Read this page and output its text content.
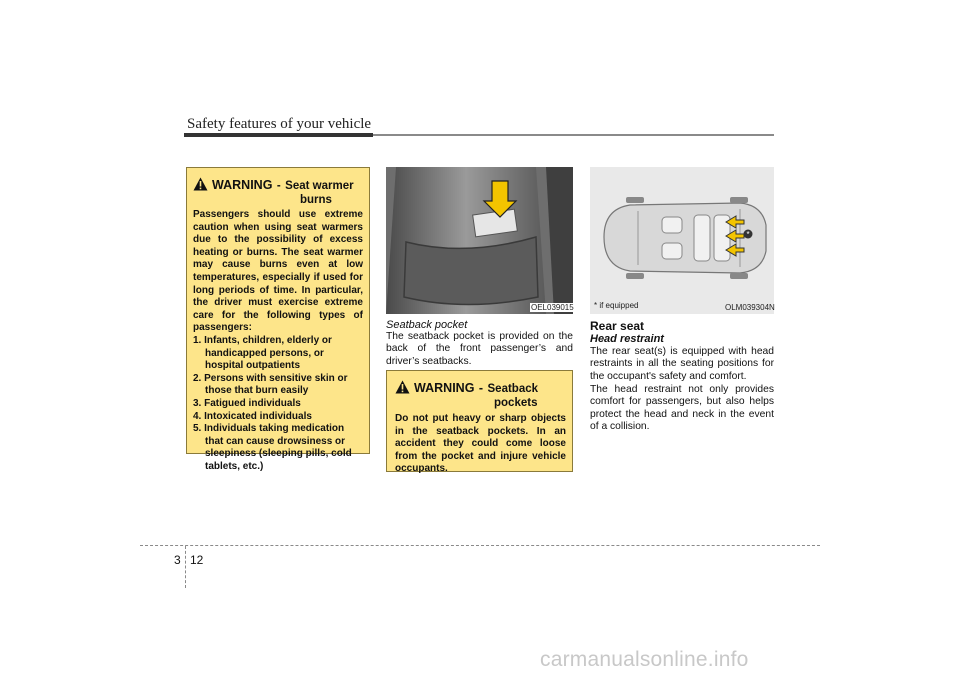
Safety features of your vehicle
WARNING - Seat warmer
burns
Passengers should use extreme caution when using seat warmers due to the possibility of excess heating or burns. The seat warmer may cause burns even at low temperatures, especially if used for long periods of time. In particular, the driver must exercise extreme care for the following types of passengers:
1. Infants, children, elderly or handicapped persons, or hospital outpatients
2. Persons with sensitive skin or those that burn easily
3. Fatigued individuals
4. Intoxicated individuals
5. Individuals taking medication that can cause drowsiness or sleepiness (sleeping pills, cold tablets, etc.)
OEL039015
Seatback pocket
The seatback pocket is provided on the back of the front passenger’s and driver’s seatbacks.
WARNING - Seatback
pockets
Do not put heavy or sharp objects in the seatback pockets. In an accident they could come loose from the pocket and injure vehicle occupants.
*
* if equipped	OLM039304N
Rear seat
Head restraint
The rear seat(s) is equipped with head restraints in all the seating positions for the occupant's safety and comfort.
The head restraint not only provides comfort for passengers, but also helps protect the head and neck in the event of a collision.
3 12
carmanualsonline.info
